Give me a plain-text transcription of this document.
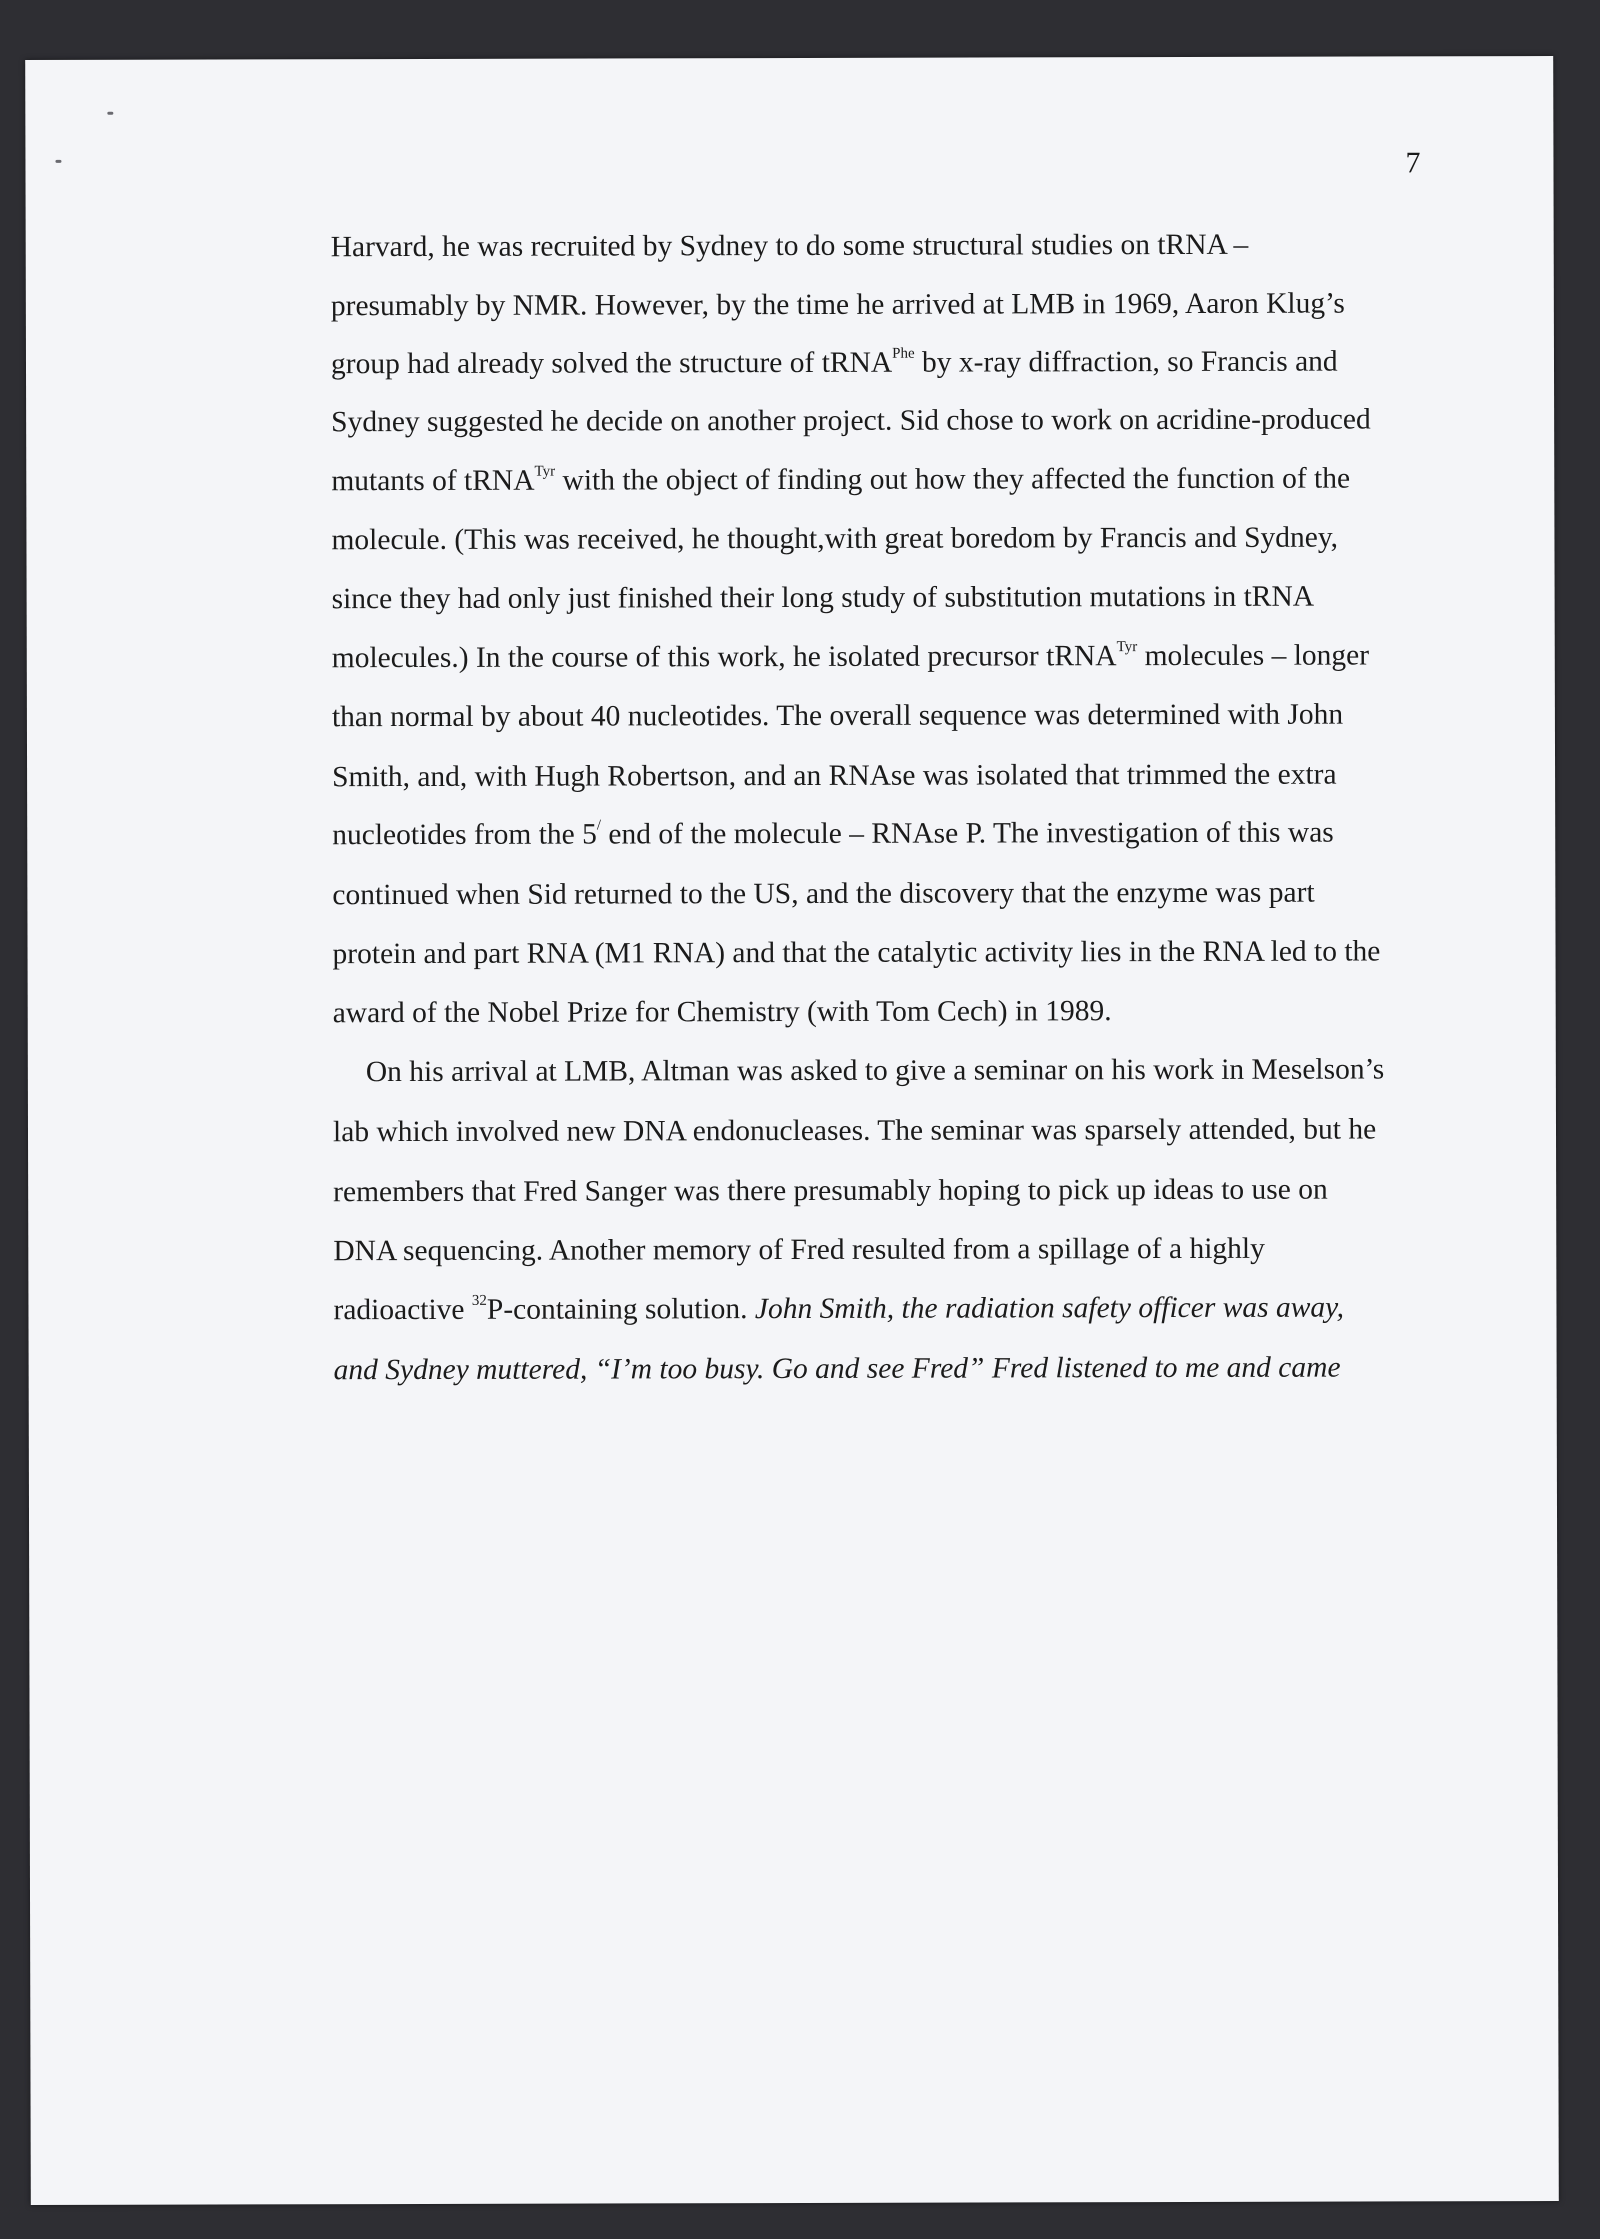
7
Harvard, he was recruited by Sydney to do some structural studies on tRNA –
presumably by NMR. However, by the time he arrived at LMB in 1969, Aaron Klug’s
group had already solved the structure of tRNA$^{Phe}$ by x-ray diffraction, so Francis and
Sydney suggested he decide on another project. Sid chose to work on acridine-produced
mutants of tRNA$^{Tyr}$ with the object of finding out how they affected the function of the
molecule. (This was received, he thought,with great boredom by Francis and Sydney,
since they had only just finished their long study of substitution mutations in tRNA
molecules.) In the course of this work, he isolated precursor tRNA$^{Tyr}$ molecules – longer
than normal by about 40 nucleotides. The overall sequence was determined with John
Smith, and, with Hugh Robertson, and an RNAse was isolated that trimmed the extra
nucleotides from the 5/ end of the molecule – RNAse P. The investigation of this was
continued when Sid returned to the US, and the discovery that the enzyme was part
protein and part RNA (M1 RNA) and that the catalytic activity lies in the RNA led to the
award of the Nobel Prize for Chemistry (with Tom Cech) in 1989.
On his arrival at LMB, Altman was asked to give a seminar on his work in Meselson’s
lab which involved new DNA endonucleases. The seminar was sparsely attended, but he
remembers that Fred Sanger was there presumably hoping to pick up ideas to use on
DNA sequencing. Another memory of Fred resulted from a spillage of a highly
radioactive $^{32}$P-containing solution. John Smith, the radiation safety officer was away,
and Sydney muttered, “I’m too busy. Go and see Fred” Fred listened to me and came
